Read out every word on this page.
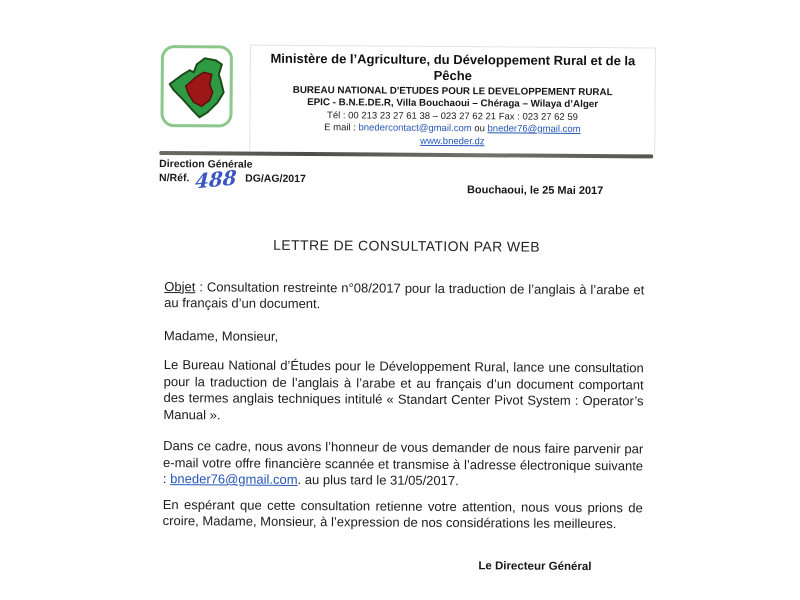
Ministère de l’Agriculture, du Développement Rural et de la Pêche
BUREAU NATIONAL D'ETUDES POUR LE DEVELOPPEMENT RURAL
EPIC - B.N.E.DE.R, Villa Bouchaoui – Chéraga – Wilaya d’Alger
Tél : 00 213 23 27 61 38 – 023 27 62 21 Fax : 023 27 62 59
E mail : bnedercontact@gmail.com ou bneder76@gmail.com
www.bneder.dz
Direction Générale
N/Réf. 488 DG/AG/2017
Bouchaoui, le 25 Mai 2017
LETTRE DE CONSULTATION PAR WEB
Objet : Consultation restreinte n°08/2017 pour la traduction de l’anglais à l’arabe et au français d’un document.
Madame, Monsieur,
Le Bureau National d’Études pour le Développement Rural, lance une consultation pour la traduction de l’anglais à l’arabe et au français d’un document comportant des termes anglais techniques intitulé « Standart Center Pivot System : Operator’s Manual ».
Dans ce cadre, nous avons l’honneur de vous demander de nous faire parvenir par e-mail votre offre financière scannée et transmise à l’adresse électronique suivante : bneder76@gmail.com. au plus tard le 31/05/2017.
En espérant que cette consultation retienne votre attention, nous vous prions de croire, Madame, Monsieur, à l’expression de nos considérations les meilleures.
Le Directeur Général
